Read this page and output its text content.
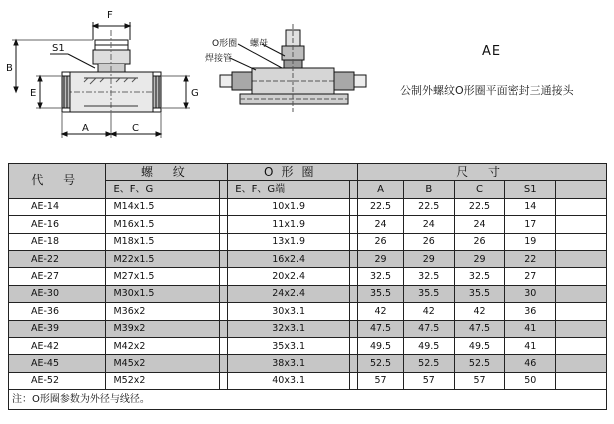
F
S1
B
E	G
A	C
O形圈 螺母
焊接管	AE
公制外螺纹O形圈平面密封三通接头
代 号	螺 纹		O形圈		尺 寸				
	E、F、G		E、F、G端		A	B	C	S1	
AE-14	M14x1.5		10x1.9		22.5	22.5	22.5	14	
AE-16	M16x1.5		11x1.9		24	24	24	17	
AE-18	M18x1.5		13x1.9		26	26	26	19	
AE-22	M22x1.5		16x2.4		29	29	29	22	
AE-27	M27x1.5		20x2.4		32.5	32.5	32.5	27	
AE-30	M30x1.5		24x2.4		35.5	35.5	35.5	30	
AE-36	M36x2		30x3.1		42	42	42	36	
AE-39	M39x2		32x3.1		47.5	47.5	47.5	41	
AE-42	M42x2		35x3.1		49.5	49.5	49.5	41	
AE-45	M45x2		38x3.1		52.5	52.5	52.5	46	
AE-52	M52x2		40x3.1		57	57	57	50	
注：O形圈参数为外径与线径。									
